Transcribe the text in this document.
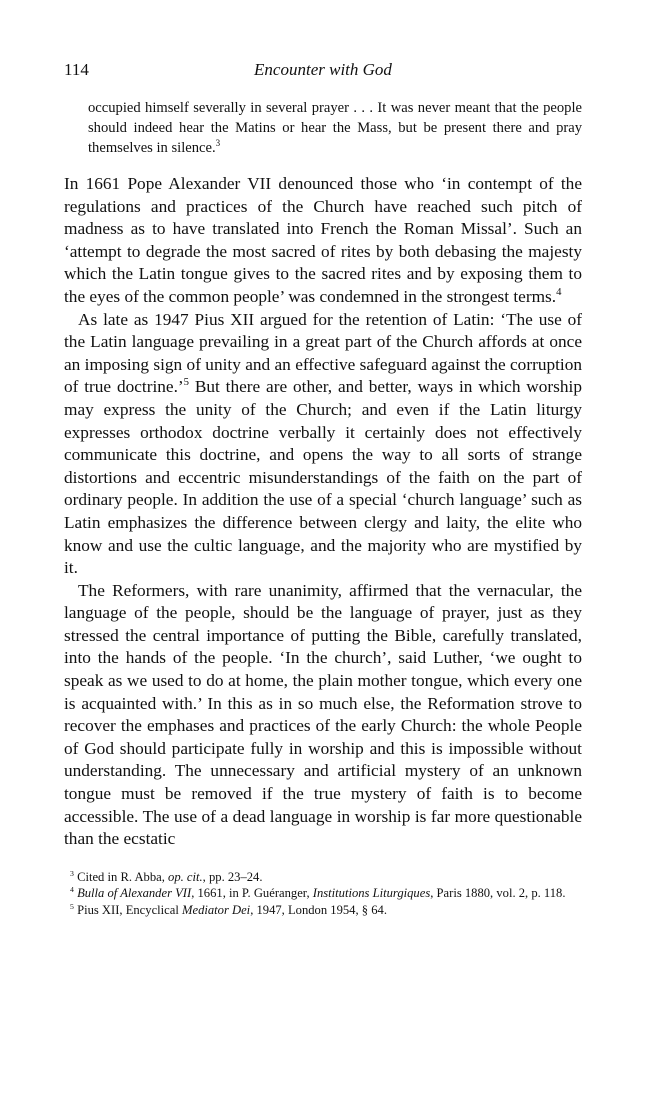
114	Encounter with God
occupied himself severally in several prayer . . . It was never meant that the people should indeed hear the Matins or hear the Mass, but be present there and pray themselves in silence.$^3$

In 1661 Pope Alexander VII denounced those who ‘in contempt of the regulations and practices of the Church have reached such pitch of madness as to have translated into French the Roman Missal’. Such an ‘attempt to degrade the most sacred of rites by both debasing the majesty which the Latin tongue gives to the sacred rites and by exposing them to the eyes of the common people’ was condemned in the strongest terms.$^4$

As late as 1947 Pius XII argued for the retention of Latin: ‘The use of the Latin language prevailing in a great part of the Church affords at once an imposing sign of unity and an effective safeguard against the corruption of true doctrine.’$^5$ But there are other, and better, ways in which worship may express the unity of the Church; and even if the Latin liturgy expresses orthodox doctrine verbally it certainly does not effectively communicate this doctrine, and opens the way to all sorts of strange distortions and eccentric misunderstandings of the faith on the part of ordinary people. In addition the use of a special ‘church language’ such as Latin emphasizes the difference between clergy and laity, the elite who know and use the cultic language, and the majority who are mystified by it.

The Reformers, with rare unanimity, affirmed that the vernacular, the language of the people, should be the language of prayer, just as they stressed the central importance of putting the Bible, carefully translated, into the hands of the people. ‘In the church’, said Luther, ‘we ought to speak as we used to do at home, the plain mother tongue, which every one is acquainted with.’ In this as in so much else, the Reformation strove to recover the emphases and practices of the early Church: the whole People of God should participate fully in worship and this is impossible without understanding. The unnecessary and artificial mystery of an unknown tongue must be removed if the true mystery of faith is to become accessible. The use of a dead language in worship is far more questionable than the ecstatic

$^3$ Cited in R. Abba, op. cit., pp. 23–24.

$^4$ Bulla of Alexander VII, 1661, in P. Guéranger, Institutions Liturgiques, Paris 1880, vol. 2, p. 118.

$^5$ Pius XII, Encyclical Mediator Dei, 1947, London 1954, § 64.
